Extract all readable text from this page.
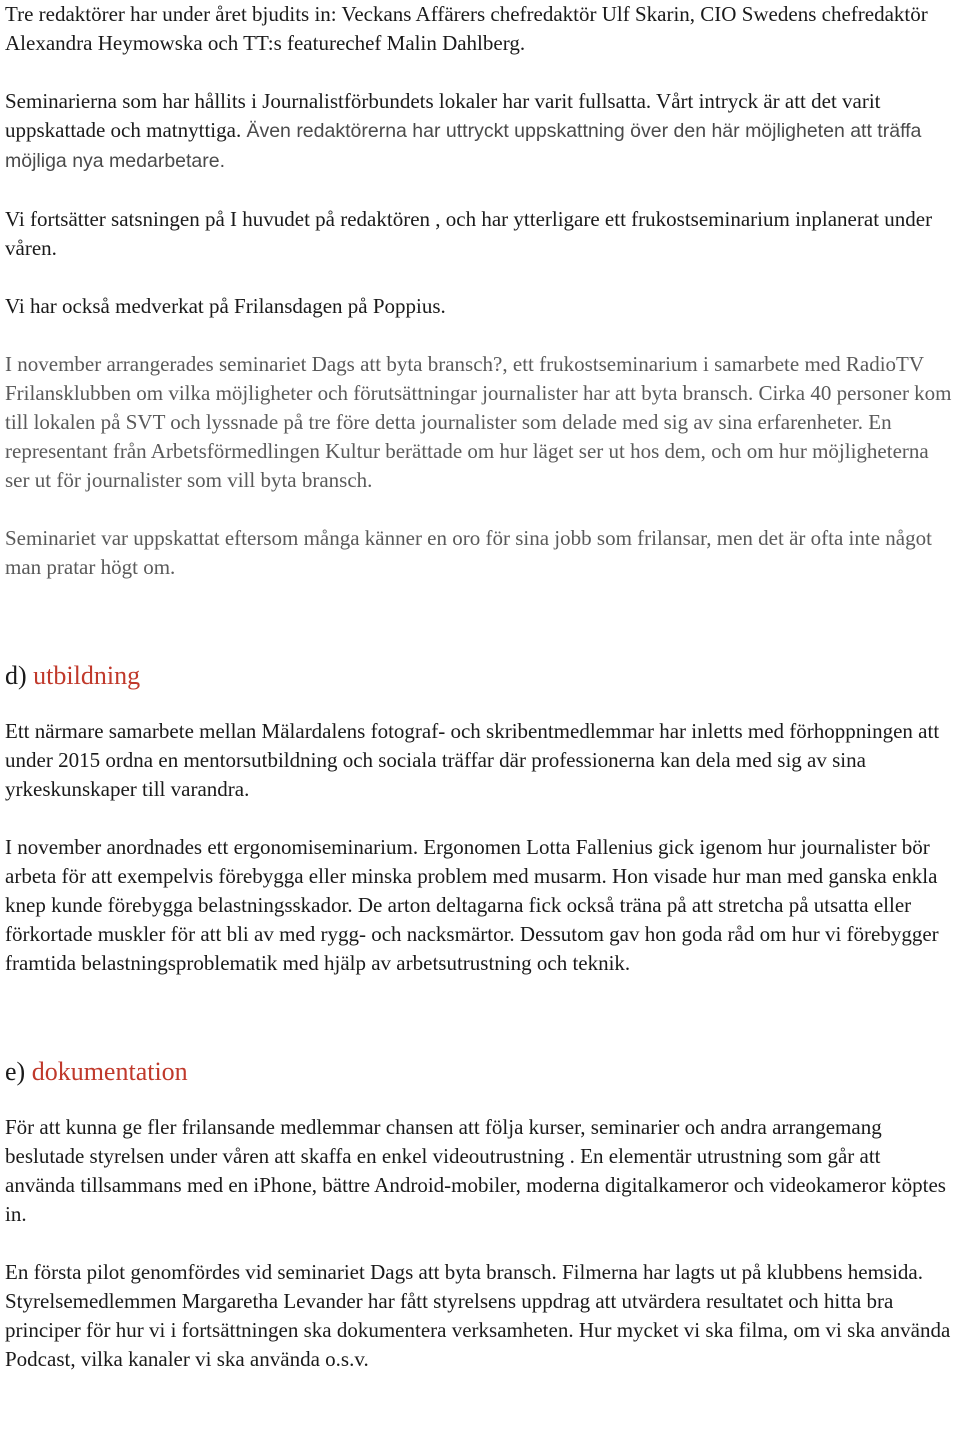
Tre redaktörer har under året bjudits in: Veckans Affärers chefredaktör Ulf Skarin, CIO Swedens chefredaktör Alexandra Heymowska och TT:s featurechef Malin Dahlberg.

Seminarierna som har hållits i Journalistförbundets lokaler har varit fullsatta. Vårt intryck är att det varit uppskattade och matnyttiga. Även redaktörerna har uttryckt uppskattning över den här möjligheten att träffa möjliga nya medarbetare.

Vi fortsätter satsningen på I huvudet på redaktören , och har ytterligare ett frukostseminarium inplanerat under våren.

Vi har också medverkat på Frilansdagen på Poppius.

I november arrangerades seminariet Dags att byta bransch?, ett frukostseminarium i samarbete med RadioTV Frilansklubben om vilka möjligheter och förutsättningar journalister har att byta bransch. Cirka 40 personer kom till lokalen på SVT och lyssnade på tre före detta journalister som delade med sig av sina erfarenheter. En representant från Arbetsförmedlingen Kultur berättade om hur läget ser ut hos dem, och om hur möjligheterna ser ut för journalister som vill byta bransch.

Seminariet var uppskattat eftersom många känner en oro för sina jobb som frilansar, men det är ofta inte något man pratar högt om.

d) utbildning

Ett närmare samarbete mellan Mälardalens fotograf- och skribentmedlemmar har inletts med förhoppningen att under 2015 ordna en mentorsutbildning och sociala träffar där professionerna kan dela med sig av sina yrkeskunskaper till varandra.

I november anordnades ett ergonomiseminarium. Ergonomen Lotta Fallenius gick igenom hur journalister bör arbeta för att exempelvis förebygga eller minska problem med musarm. Hon visade hur man med ganska enkla knep kunde förebygga belastningsskador. De arton deltagarna fick också träna på att stretcha på utsatta eller förkortade muskler för att bli av med rygg- och nacksmärtor. Dessutom gav hon goda råd om hur vi förebygger framtida belastningsproblematik med hjälp av arbetsutrustning och teknik.

e) dokumentation

För att kunna ge fler frilansande medlemmar chansen att följa kurser, seminarier och andra arrangemang beslutade styrelsen under våren att skaffa en enkel videoutrustning . En elementär utrustning som går att använda tillsammans med en iPhone, bättre Android-mobiler, moderna digitalkameror och videokameror köptes in.

En första pilot genomfördes vid seminariet Dags att byta bransch. Filmerna har lagts ut på klubbens hemsida. Styrelsemedlemmen Margaretha Levander har fått styrelsens uppdrag att utvärdera resultatet och hitta bra principer för hur vi i fortsättningen ska dokumentera verksamheten. Hur mycket vi ska filma, om vi ska använda Podcast, vilka kanaler vi ska använda o.s.v.
